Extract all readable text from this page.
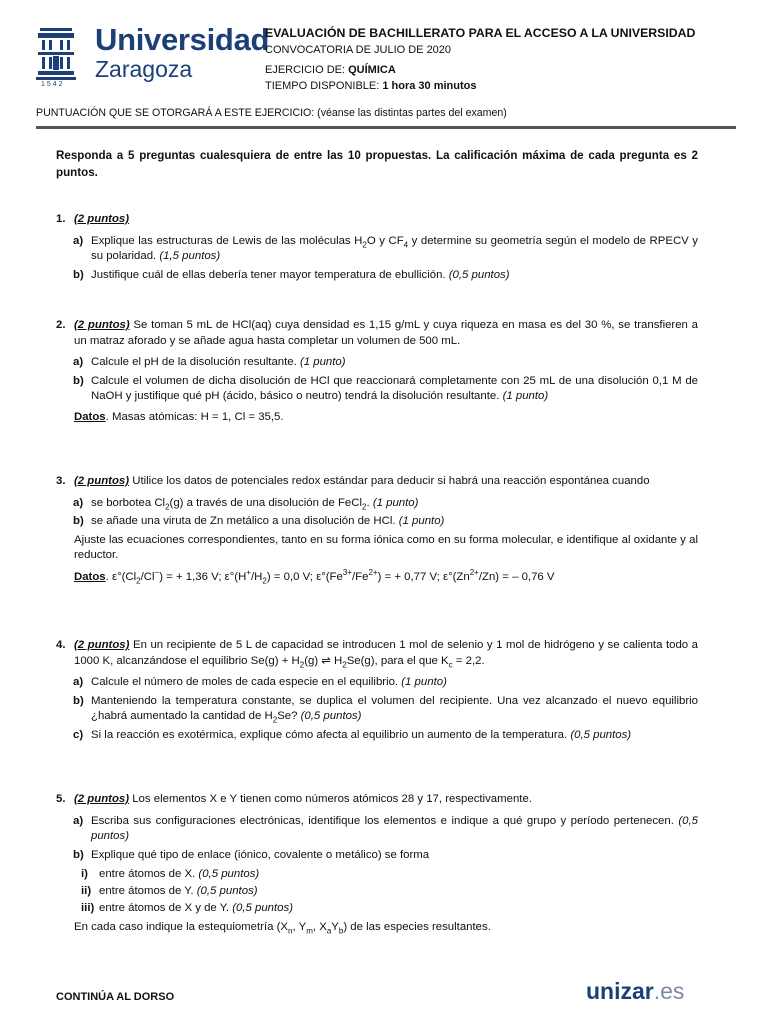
Universidad
Zaragoza
1542
EVALUACIÓN DE BACHILLERATO PARA EL ACCESO A LA UNIVERSIDAD
CONVOCATORIA DE JULIO DE 2020
EJERCICIO DE: QUÍMICA
TIEMPO DISPONIBLE: 1 hora 30 minutos
PUNTUACIÓN QUE SE OTORGARÁ A ESTE EJERCICIO: (véanse las distintas partes del examen)
Responda a 5 preguntas cualesquiera de entre las 10 propuestas. La calificación máxima de cada pregunta es 2 puntos.
1. (2 puntos)
a) Explique las estructuras de Lewis de las moléculas $H_2O$ y $CF_4$ y determine su geometría según el modelo de RPECV y su polaridad. (1,5 puntos)
b) Justifique cuál de ellas debería tener mayor temperatura de ebullición. (0,5 puntos)
2. (2 puntos) Se toman 5 mL de HCl(aq) cuya densidad es 1,15 g/mL y cuya riqueza en masa es del 30 %, se transfieren a un matraz aforado y se añade agua hasta completar un volumen de 500 mL.
a) Calcule el pH de la disolución resultante. (1 punto)
b) Calcule el volumen de dicha disolución de HCl que reaccionará completamente con 25 mL de una disolución 0,1 M de NaOH y justifique qué pH (ácido, básico o neutro) tendrá la disolución resultante. (1 punto)
Datos. Masas atómicas: H = 1, Cl = 35,5.
3. (2 puntos) Utilice los datos de potenciales redox estándar para deducir si habrá una reacción espontánea cuando
a) se borbotea $Cl_2(g)$ a través de una disolución de FeCl$_2$. (1 punto)
b) se añade una viruta de Zn metálico a una disolución de HCl. (1 punto)
Ajuste las ecuaciones correspondientes, tanto en su forma iónica como en su forma molecular, e identifique al oxidante y al reductor.
Datos. $\varepsilon^\circ(Cl_2/Cl^-)$ = + 1,36 V; $\varepsilon^\circ(H^+/H_2) = 0,0$ V; $\varepsilon^\circ(Fe^{3+}/Fe^{2+})$ = + 0,77 V; $\varepsilon^\circ(Zn^{2+}/Zn)$ = – 0,76 V
4. (2 puntos) En un recipiente de 5 L de capacidad se introducen 1 mol de selenio y 1 mol de hidrógeno y se calienta todo a 1000 K, alcanzándose el equilibrio $Se(g) + H_2(g)$ ⇌ $H_2Se(g)$, para el que $K_c = 2,2$.
a) Calcule el número de moles de cada especie en el equilibrio. (1 punto)
b) Manteniendo la temperatura constante, se duplica el volumen del recipiente. Una vez alcanzado el nuevo equilibrio ¿habrá aumentado la cantidad de $H_2Se$? (0,5 puntos)
c) Si la reacción es exotérmica, explique cómo afecta al equilibrio un aumento de la temperatura. (0,5 puntos)
5. (2 puntos) Los elementos X e Y tienen como números atómicos 28 y 17, respectivamente.
a) Escriba sus configuraciones electrónicas, identifique los elementos e indique a qué grupo y período pertenecen. (0,5 puntos)
b) Explique qué tipo de enlace (iónico, covalente o metálico) se forma
i) entre átomos de X. (0,5 puntos)
ii) entre átomos de Y. (0,5 puntos)
iii) entre átomos de X y de Y. (0,5 puntos)
En cada caso indique la estequiometría ($X_n$, $Y_m$, $X_aY_b$) de las especies resultantes.
CONTINÚA AL DORSO	unizar.es
